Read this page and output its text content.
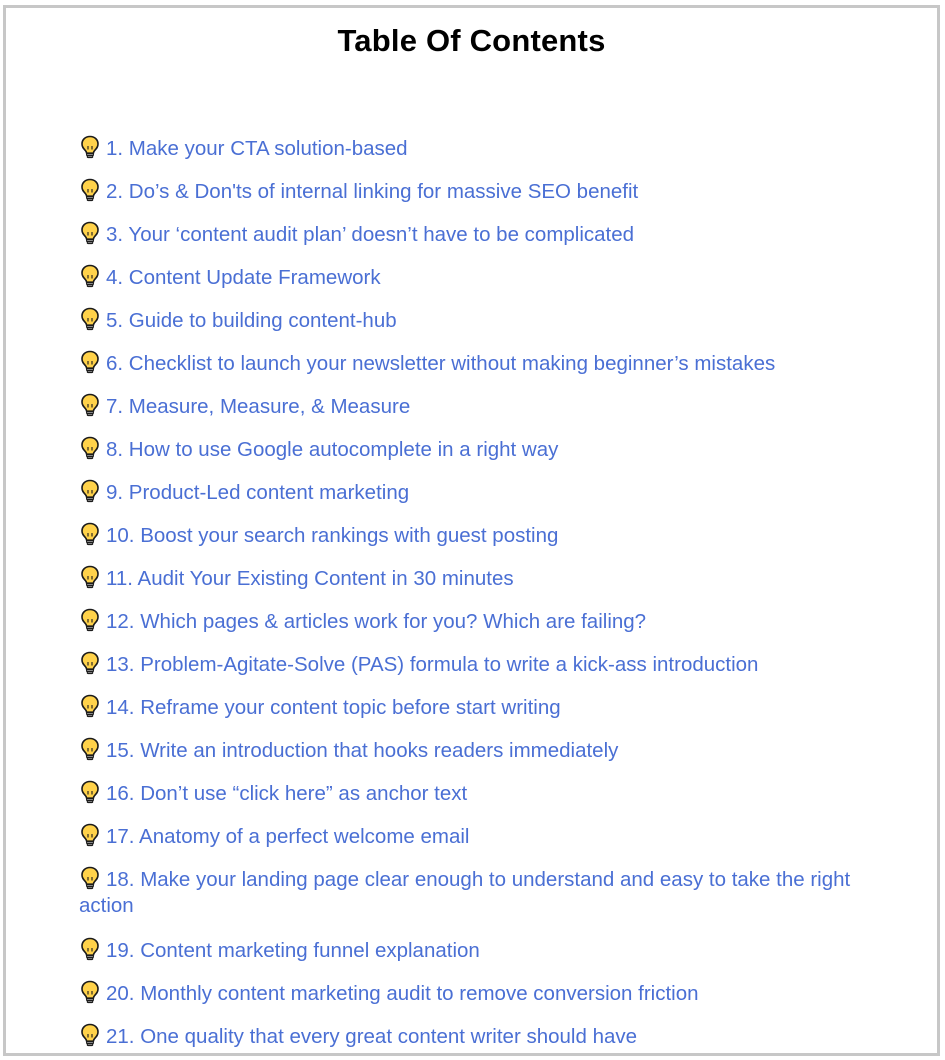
Table Of Contents
1. Make your CTA solution-based
2. Do’s & Don'ts of internal linking for massive SEO benefit
3. Your ‘content audit plan’ doesn’t have to be complicated
4. Content Update Framework
5. Guide to building content-hub
6. Checklist to launch your newsletter without making beginner’s mistakes
7. Measure, Measure, & Measure
8. How to use Google autocomplete in a right way
9. Product-Led content marketing
10. Boost your search rankings with guest posting
11. Audit Your Existing Content in 30 minutes
12. Which pages & articles work for you? Which are failing?
13. Problem-Agitate-Solve (PAS) formula to write a kick-ass introduction
14. Reframe your content topic before start writing
15. Write an introduction that hooks readers immediately
16. Don’t use “click here” as anchor text
17. Anatomy of a perfect welcome email
18. Make your landing page clear enough to understand and easy to take the right action
19. Content marketing funnel explanation
20. Monthly content marketing audit to remove conversion friction
21. One quality that every great content writer should have
